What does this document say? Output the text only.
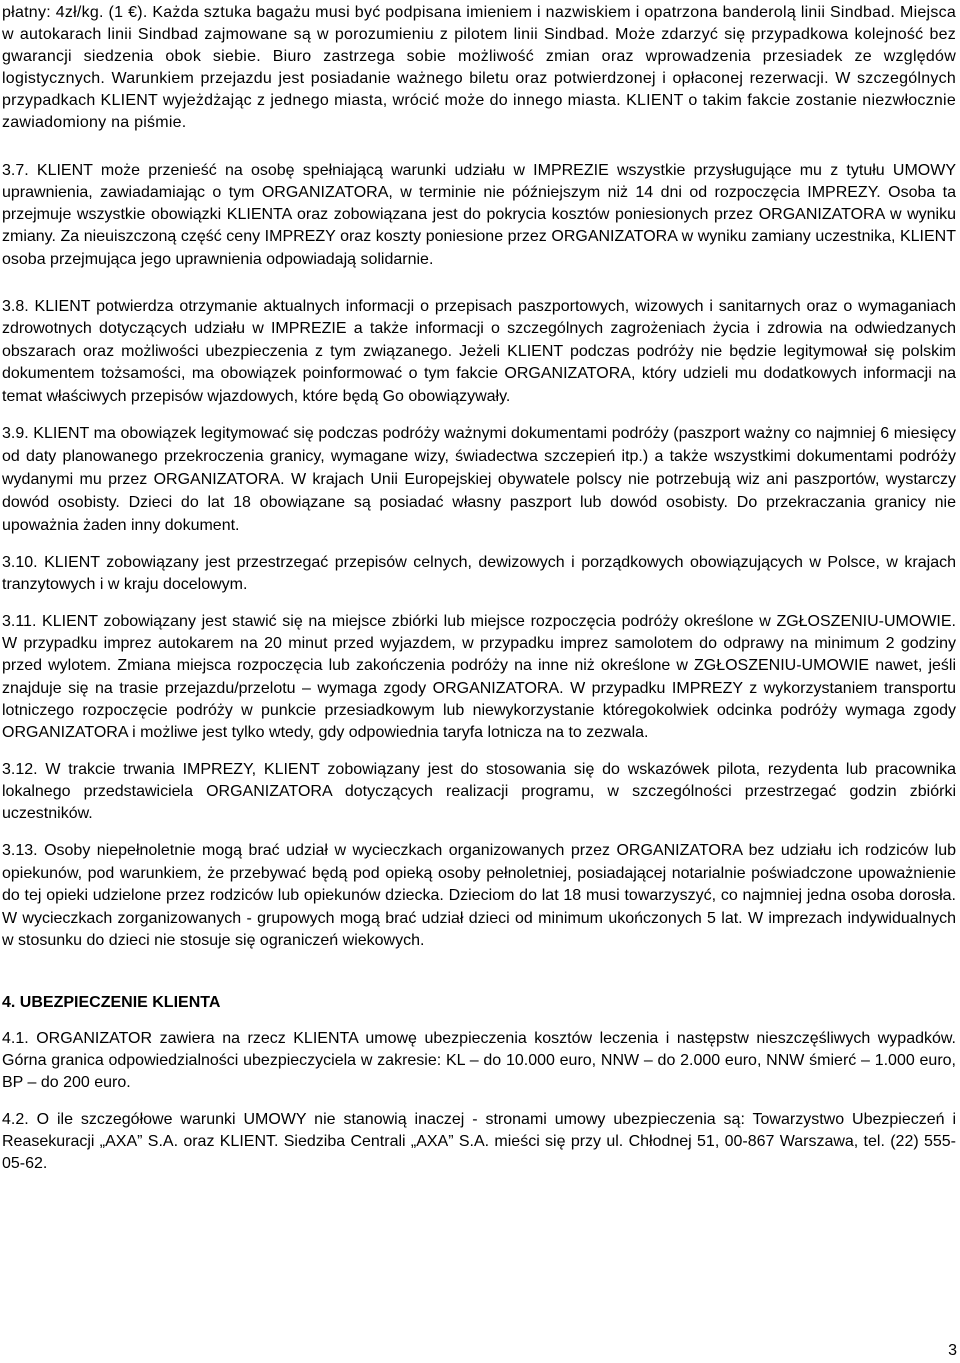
płatny: 4zł/kg. (1 €). Każda sztuka bagażu musi być podpisana imieniem i nazwiskiem i opatrzona banderolą linii Sindbad. Miejsca w autokarach linii Sindbad zajmowane są w porozumieniu z pilotem linii Sindbad. Może zdarzyć się przypadkowa kolejność bez gwarancji siedzenia obok siebie. Biuro zastrzega sobie możliwość zmian oraz wprowadzenia przesiadek ze względów logistycznych. Warunkiem przejazdu jest posiadanie ważnego biletu oraz potwierdzonej i opłaconej rezerwacji. W szczególnych przypadkach KLIENT wyjeżdżając z jednego miasta, wrócić może do innego miasta. KLIENT o takim fakcie zostanie niezwłocznie zawiadomiony na piśmie.

3.7. KLIENT może przenieść na osobę spełniającą warunki udziału w IMPREZIE wszystkie przysługujące mu z tytułu UMOWY uprawnienia, zawiadamiając o tym ORGANIZATORA, w terminie nie późniejszym niż 14 dni od rozpoczęcia IMPREZY. Osoba ta przejmuje wszystkie obowiązki KLIENTA oraz zobowiązana jest do pokrycia kosztów poniesionych przez ORGANIZATORA w wyniku zmiany. Za nieuiszczoną część ceny IMPREZY oraz koszty poniesione przez ORGANIZATORA w wyniku zamiany uczestnika, KLIENT osoba przejmująca jego uprawnienia odpowiadają solidarnie.

3.8. KLIENT potwierdza otrzymanie aktualnych informacji o przepisach paszportowych, wizowych i sanitarnych oraz o wymaganiach zdrowotnych dotyczących udziału w IMPREZIE a także informacji o szczególnych zagrożeniach życia i zdrowia na odwiedzanych obszarach oraz możliwości ubezpieczenia z tym związanego. Jeżeli KLIENT podczas podróży nie będzie legitymował się polskim dokumentem tożsamości, ma obowiązek poinformować o tym fakcie ORGANIZATORA, który udzieli mu dodatkowych informacji na temat właściwych przepisów wjazdowych, które będą Go obowiązywały.

3.9. KLIENT ma obowiązek legitymować się podczas podróży ważnymi dokumentami podróży (paszport ważny co najmniej 6 miesięcy od daty planowanego przekroczenia granicy, wymagane wizy, świadectwa szczepień itp.) a także wszystkimi dokumentami podróży wydanymi mu przez ORGANIZATORA. W krajach Unii Europejskiej obywatele polscy nie potrzebują wiz ani paszportów, wystarczy dowód osobisty. Dzieci do lat 18 obowiązane są posiadać własny paszport lub dowód osobisty. Do przekraczania granicy nie upoważnia żaden inny dokument.

3.10. KLIENT zobowiązany jest przestrzegać przepisów celnych, dewizowych i porządkowych obowiązujących w Polsce, w krajach tranzytowych i w kraju docelowym.

3.11. KLIENT zobowiązany jest stawić się na miejsce zbiórki lub miejsce rozpoczęcia podróży określone w ZGŁOSZENIU-UMOWIE. W przypadku imprez autokarem na 20 minut przed wyjazdem, w przypadku imprez samolotem do odprawy na minimum 2 godziny przed wylotem. Zmiana miejsca rozpoczęcia lub zakończenia podróży na inne niż określone w ZGŁOSZENIU-UMOWIE nawet, jeśli znajduje się na trasie przejazdu/przelotu – wymaga zgody ORGANIZATORA. W przypadku IMPREZY z wykorzystaniem transportu lotniczego rozpoczęcie podróży w punkcie przesiadkowym lub niewykorzystanie któregokolwiek odcinka podróży wymaga zgody ORGANIZATORA i możliwe jest tylko wtedy, gdy odpowiednia taryfa lotnicza na to zezwala.

3.12. W trakcie trwania IMPREZY, KLIENT zobowiązany jest do stosowania się do wskazówek pilota, rezydenta lub pracownika lokalnego przedstawiciela ORGANIZATORA dotyczących realizacji programu, w szczególności przestrzegać godzin zbiórki uczestników.

3.13. Osoby niepełnoletnie mogą brać udział w wycieczkach organizowanych przez ORGANIZATORA bez udziału ich rodziców lub opiekunów, pod warunkiem, że przebywać będą pod opieką osoby pełnoletniej, posiadającej notarialnie poświadczone upoważnienie do tej opieki udzielone przez rodziców lub opiekunów dziecka. Dzieciom do lat 18 musi towarzyszyć, co najmniej jedna osoba dorosła. W wycieczkach zorganizowanych - grupowych mogą brać udział dzieci od minimum ukończonych 5 lat. W imprezach indywidualnych w stosunku do dzieci nie stosuje się ograniczeń wiekowych.

4. UBEZPIECZENIE KLIENTA

4.1. ORGANIZATOR zawiera na rzecz KLIENTA umowę ubezpieczenia kosztów leczenia i następstw nieszczęśliwych wypadków. Górna granica odpowiedzialności ubezpieczyciela w zakresie: KL – do 10.000 euro, NNW – do 2.000 euro, NNW śmierć – 1.000 euro, BP – do 200 euro.

4.2. O ile szczegółowe warunki UMOWY nie stanowią inaczej - stronami umowy ubezpieczenia są: Towarzystwo Ubezpieczeń i Reasekuracji „AXA” S.A. oraz KLIENT. Siedziba Centrali „AXA” S.A. mieści się przy ul. Chłodnej 51, 00-867 Warszawa, tel. (22) 555-05-62.

3
